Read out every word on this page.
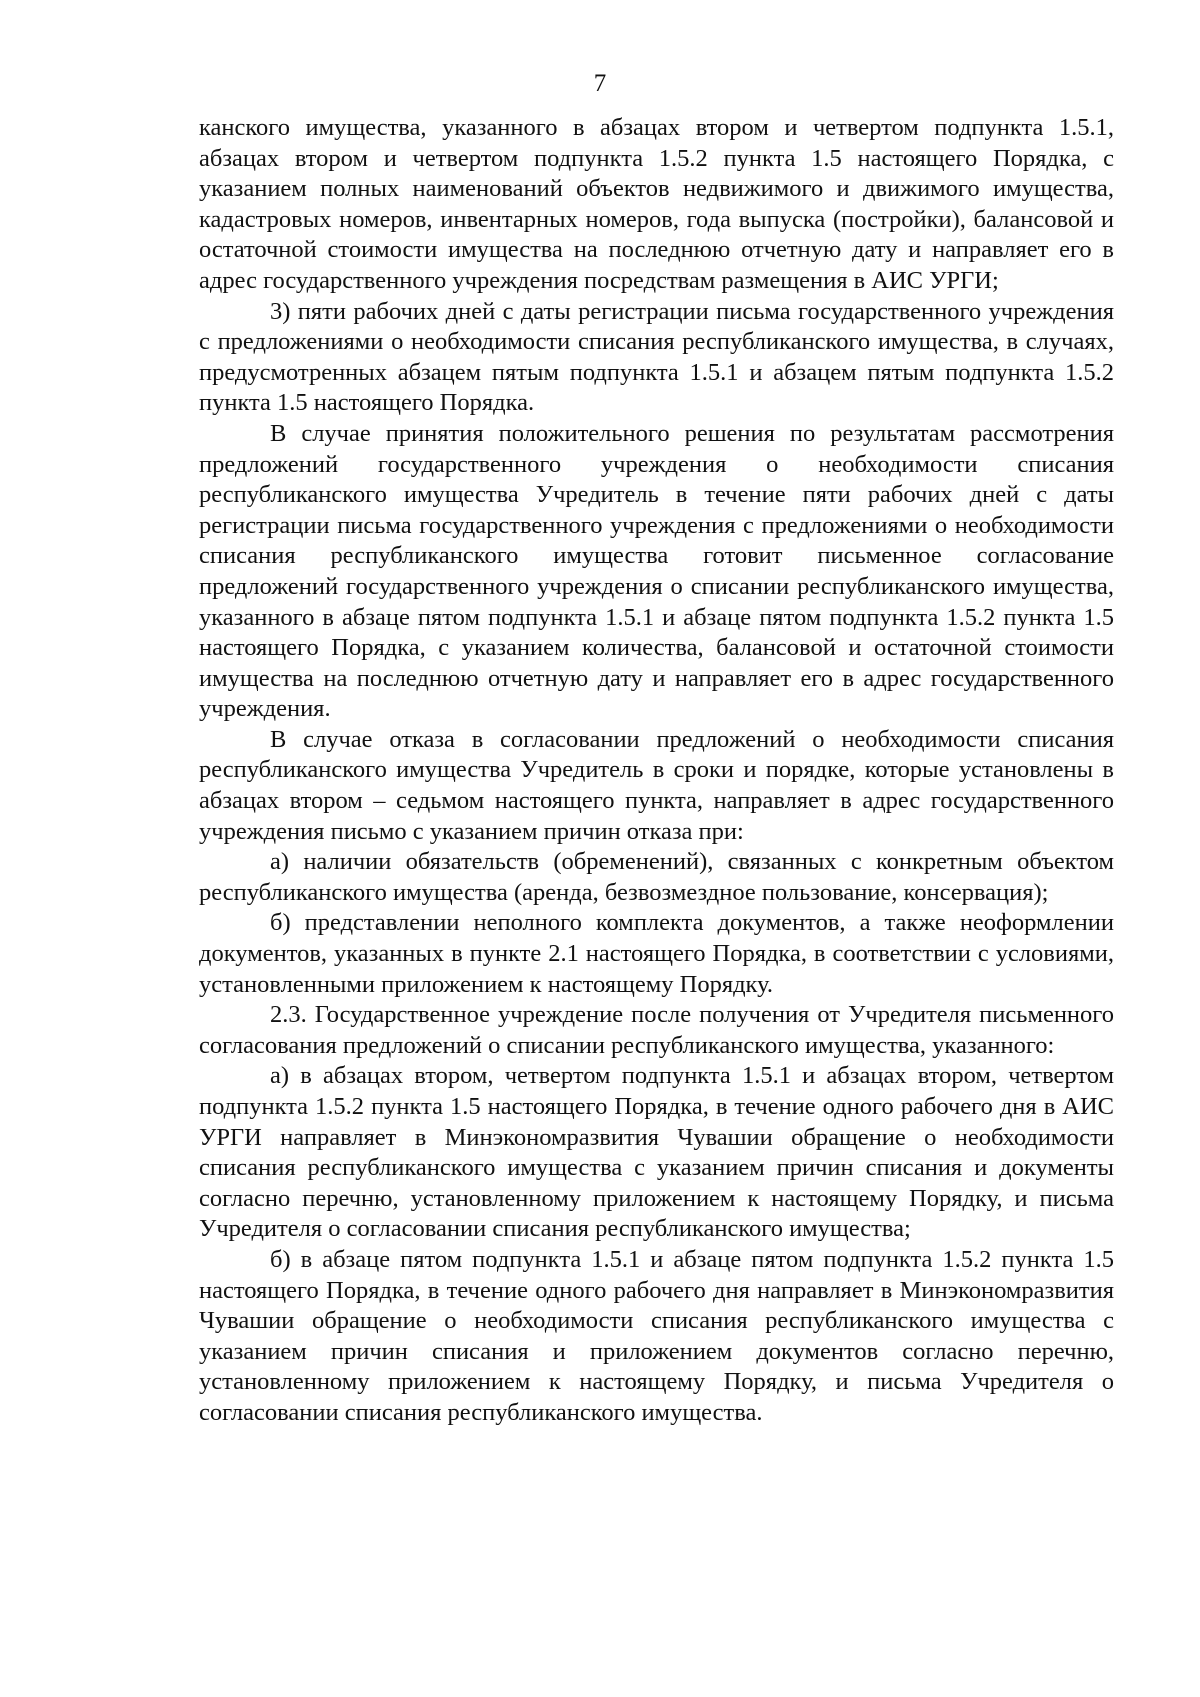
7

канского имущества, указанного в абзацах втором и четвертом подпункта 1.5.1, абзацах втором и четвертом подпункта 1.5.2 пункта 1.5 настоящего Порядка, с указанием полных наименований объектов недвижимого и движимого имущества, кадастровых номеров, инвентарных номеров, года выпуска (постройки), балансовой и остаточной стоимости имущества на последнюю отчетную дату и направляет его в адрес государственного учреждения посредствам размещения в АИС УРГИ;

3) пяти рабочих дней с даты регистрации письма государственного учреждения с предложениями о необходимости списания республиканского имущества, в случаях, предусмотренных абзацем пятым подпункта 1.5.1 и абзацем пятым подпункта 1.5.2 пункта 1.5 настоящего Порядка.

В случае принятия положительного решения по результатам рассмотрения предложений государственного учреждения о необходимости списания республиканского имущества Учредитель в течение пяти рабочих дней с даты регистрации письма государственного учреждения с предложениями о необходимости списания республиканского имущества готовит письменное согласование предложений государственного учреждения о списании республиканского имущества, указанного в абзаце пятом подпункта 1.5.1 и абзаце пятом подпункта 1.5.2 пункта 1.5 настоящего Порядка, с указанием количества, балансовой и остаточной стоимости имущества на последнюю отчетную дату и направляет его в адрес государственного учреждения.

В случае отказа в согласовании предложений о необходимости списания республиканского имущества Учредитель в сроки и порядке, которые установлены в абзацах втором – седьмом настоящего пункта, направляет в адрес государственного учреждения письмо с указанием причин отказа при:

а) наличии обязательств (обременений), связанных с конкретным объектом республиканского имущества (аренда, безвозмездное пользование, консервация);

б) представлении неполного комплекта документов, а также неоформлении документов, указанных в пункте 2.1 настоящего Порядка, в соответствии с условиями, установленными приложением к настоящему Порядку.

2.3. Государственное учреждение после получения от Учредителя письменного согласования предложений о списании республиканского имущества, указанного:

а) в абзацах втором, четвертом подпункта 1.5.1 и абзацах втором, четвертом подпункта 1.5.2 пункта 1.5 настоящего Порядка, в течение одного рабочего дня в АИС УРГИ направляет в Минэкономразвития Чувашии обращение о необходимости списания республиканского имущества с указанием причин списания и документы согласно перечню, установленному приложением к настоящему Порядку, и письма Учредителя о согласовании списания республиканского имущества;

б) в абзаце пятом подпункта 1.5.1 и абзаце пятом подпункта 1.5.2 пункта 1.5 настоящего Порядка, в течение одного рабочего дня направляет в Минэкономразвития Чувашии обращение о необходимости списания республиканского имущества с указанием причин списания и приложением документов согласно перечню, установленному приложением к настоящему Порядку, и письма Учредителя о согласовании списания республиканского имущества.
